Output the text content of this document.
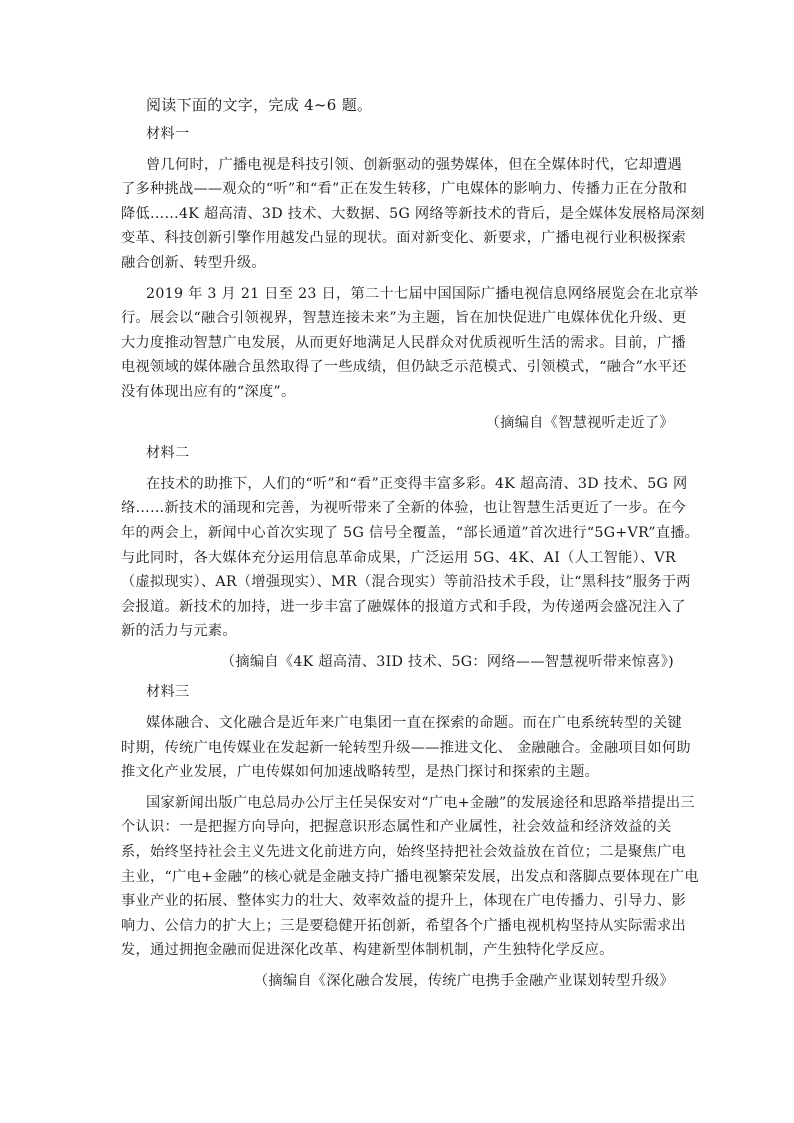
阅读下面的文字，完成 4~6 题。
材料一
曾几何时，广播电视是科技引领、创新驱动的强势媒体，但在全媒体时代，它却遭遇
了多种挑战——观众的“听”和“看”正在发生转移，广电媒体的影响力、传播力正在分散和
降低……4K 超高清、3D 技术、大数据、5G 网络等新技术的背后，是全媒体发展格局深刻
变革、科技创新引擎作用越发凸显的现状。面对新变化、新要求，广播电视行业积极探索
融合创新、转型升级。
2019 年 3 月 21 日至 23 日，第二十七届中国国际广播电视信息网络展览会在北京举
行。展会以“融合引领视界，智慧连接未来”为主题，旨在加快促进广电媒体优化升级、更
大力度推动智慧广电发展，从而更好地满足人民群众对优质视听生活的需求。目前，广播
电视领域的媒体融合虽然取得了一些成绩，但仍缺乏示范模式、引领模式，“融合”水平还
没有体现出应有的“深度”。
（摘编自《智慧视听走近了》
材料二
在技术的助推下，人们的“听”和“看”正变得丰富多彩。4K 超高清、3D 技术、5G 网
络……新技术的涌现和完善，为视听带来了全新的体验，也让智慧生活更近了一步。在今
年的两会上，新闻中心首次实现了 5G 信号全覆盖，“部长通道”首次进行“5G+VR”直播。
与此同时，各大媒体充分运用信息革命成果，广泛运用 5G、4K、AI（人工智能）、VR
（虚拟现实）、AR（增强现实）、MR（混合现实）等前沿技术手段，让“黑科技”服务于两
会报道。新技术的加持，进一步丰富了融媒体的报道方式和手段，为传递两会盛况注入了
新的活力与元素。
（摘编自《4K 超高清、3ID 技术、5G：网络——智慧视听带来惊喜》)
材料三
媒体融合、文化融合是近年来广电集团一直在探索的命题。而在广电系统转型的关键
时期，传统广电传媒业在发起新一轮转型升级——推进文化、 金融融合。金融项目如何助
推文化产业发展，广电传媒如何加速战略转型，是热门探讨和探索的主题。
国家新闻出版广电总局办公厅主任吴保安对“广电+金融”的发展途径和思路举措提出三
个认识：一是把握方向导向，把握意识形态属性和产业属性，社会效益和经济效益的关
系，始终坚持社会主义先进文化前进方向，始终坚持把社会效益放在首位；二是聚焦广电
主业，“广电+金融”的核心就是金融支持广播电视繁荣发展，出发点和落脚点要体现在广电
事业产业的拓展、整体实力的壮大、效率效益的提升上，体现在广电传播力、引导力、影
响力、公信力的扩大上；三是要稳健开拓创新，希望各个广播电视机构坚持从实际需求出
发，通过拥抱金融而促进深化改革、构建新型体制机制，产生独特化学反应。
（摘编自《深化融合发展，传统广电携手金融产业谋划转型升级》
